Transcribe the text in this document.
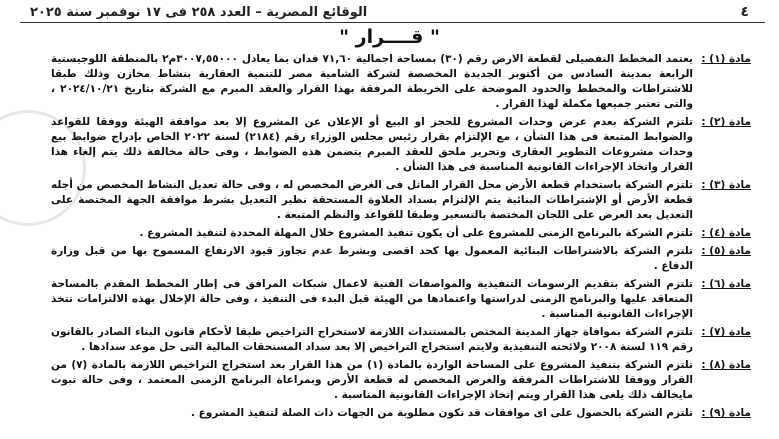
٤
الوقائع المصرية – العدد ٢٥٨ فى ١٧ نوفمبر سنة ٢٠٢٥
" قــــرار "
مادة (١) :
يعتمد المخطط التفصيلى لقطعة الارض رقم (٣٠) بمساحة اجمالية ٧١,٦٠ فدان بما يعادل ٣٠٠٧,٥٥٠٠٠م٢ بالمنطقة اللوجيستية الرابعة بمدينة السادس من أكتوبر الجديدة المخصصة لشركة الشامية مصر للتنمية العقارية بنشاط مخازن وذلك طبقا للاشتراطات والمخطط والحدود الموضحة على الخريطة المرفقة بهذا القرار والعقد المبرم مع الشركة بتاريخ ٢٠٢٤/١٠/٢١ ، والتى تعتبر جميعها مكملة لهذا القرار .
مادة (٢) :
تلتزم الشركة بعدم عرض وحدات المشروع للحجز او البيع أو الإعلان عن المشروع إلا بعد موافقة الهيئة ووفقا للقواعد والضوابط المتبعة فى هذا الشأن ، مع الإلتزام بقرار رئيس مجلس الوزراء رقم (٢١٨٤) لسنة ٢٠٢٢ الخاص بإدراج ضوابط بيع وحدات مشروعات التطوير العقارى وتحرير ملحق للعقد المبرم يتضمن هذه الضوابط ، وفى حالة مخالفة ذلك يتم إلغاء هذا القرار واتخاذ الإجراءات القانونية المناسبة فى هذا الشأن .
مادة (٣) :
تلتزم الشركة باستخدام قطعة الأرض محل القرار الماثل فى الغرض المخصص له ، وفى حالة تعديل النشاط المخصص من أجله قطعة الأرض أو الإشتراطات البنائية يتم الإلتزام بسداد العلاوة المستحقة نظير التعديل بشرط موافقة الجهة المختصة على التعديل بعد العرض على اللجان المختصة بالتسعير وطبقا للقواعد والنظم المتبعة .
مادة (٤) :
تلتزم الشركة بالبرنامج الزمنى للمشروع على أن يكون تنفيذ المشروع خلال المهلة المحددة لتنفيذ المشروع .
مادة (٥) :
تلتزم الشركة بالاشتراطات البنائية المعمول بها كحد اقصى وبشرط عدم تجاوز قيود الارتفاع المسموح بها من قبل وزارة الدفاع .
مادة (٦) :
تلتزم الشركة بتقديم الرسومات التنفيذية والمواصفات الفنية لاعمال شبكات المرافق فى إطار المخطط المقدم بالمساحة المتعاقد عليها والبرنامج الزمنى لدراستها واعتمادها من الهيئة قبل البدء فى التنفيذ ، وفى حالة الإخلال بهذه الالتزامات تتخذ الإجراءات القانونية المناسبة .
مادة (٧) :
تلتزم الشركة بموافاة جهاز المدينة المختص بالمستندات اللازمة لاستخراج التراخيص طبقا لأحكام قانون البناء الصادر بالقانون رقم ١١٩ لسنة ٢٠٠٨ ولائحته التنفيذية ولايتم استخراج التراخيص إلا بعد سداد المستحقات المالية التى حل موعد سدادها .
مادة (٨) :
تلتزم الشركة بتنفيذ المشروع على المساحة الواردة بالمادة (١) من هذا القرار بعد استخراج التراخيص اللازمة بالمادة (٧) من القرار ووفقا للاشتراطات المرفقة والغرض المخصص له قطعة الأرض وبمراعاة البرنامج الزمنى المعتمد ، وفى حالة ثبوت مايخالف ذلك يلغى هذا القرار ويتم إتخاذ الإجراءات القانونية المناسبة .
مادة (٩) :
تلتزم الشركة بالحصول على اى موافقات قد تكون مطلوبة من الجهات ذات الصلة لتنفيذ المشروع .
